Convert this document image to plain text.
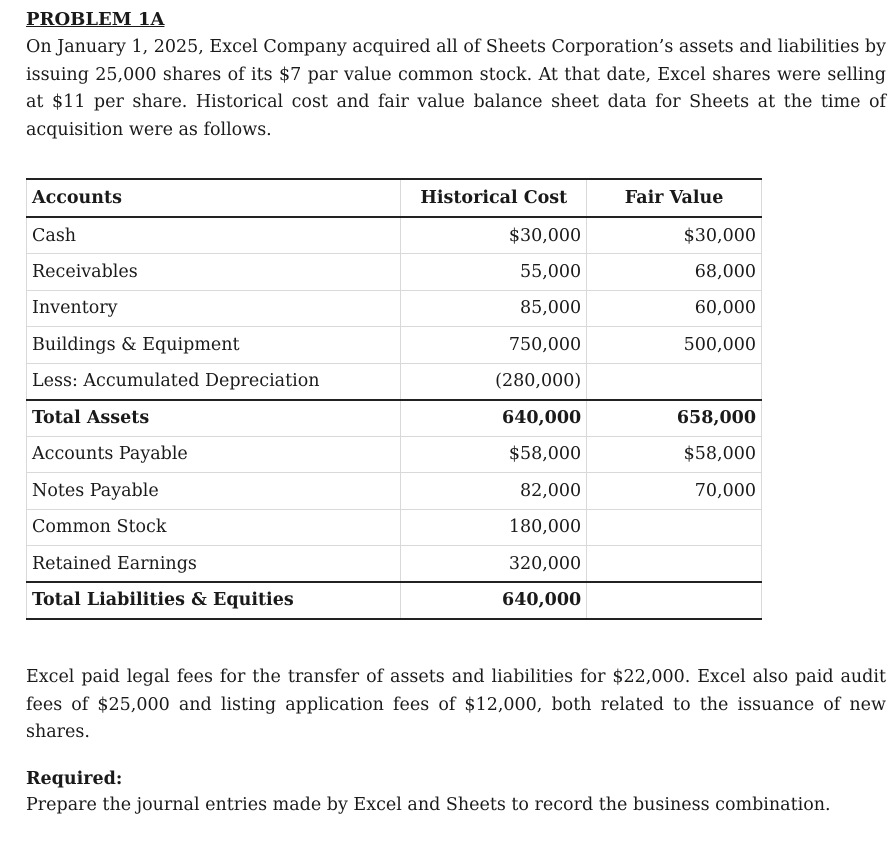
PROBLEM 1A

On January 1, 2025, Excel Company acquired all of Sheets Corporation’s assets and liabilities by issuing 25,000 shares of its $7 par value common stock. At that date, Excel shares were selling at $11 per share. Historical cost and fair value balance sheet data for Sheets at the time of acquisition were as follows.

Accounts	Historical Cost	Fair Value
Cash	$30,000	$30,000
Receivables	55,000	68,000
Inventory	85,000	60,000
Buildings & Equipment	750,000	500,000
Less: Accumulated Depreciation	(280,000)	
Total Assets	640,000	658,000
Accounts Payable	$58,000	$58,000
Notes Payable	82,000	70,000
Common Stock	180,000	
Retained Earnings	320,000	
Total Liabilities & Equities	640,000	

Excel paid legal fees for the transfer of assets and liabilities for $22,000. Excel also paid audit fees of $25,000 and listing application fees of $12,000, both related to the issuance of new shares.

Required:

Prepare the journal entries made by Excel and Sheets to record the business combination.
